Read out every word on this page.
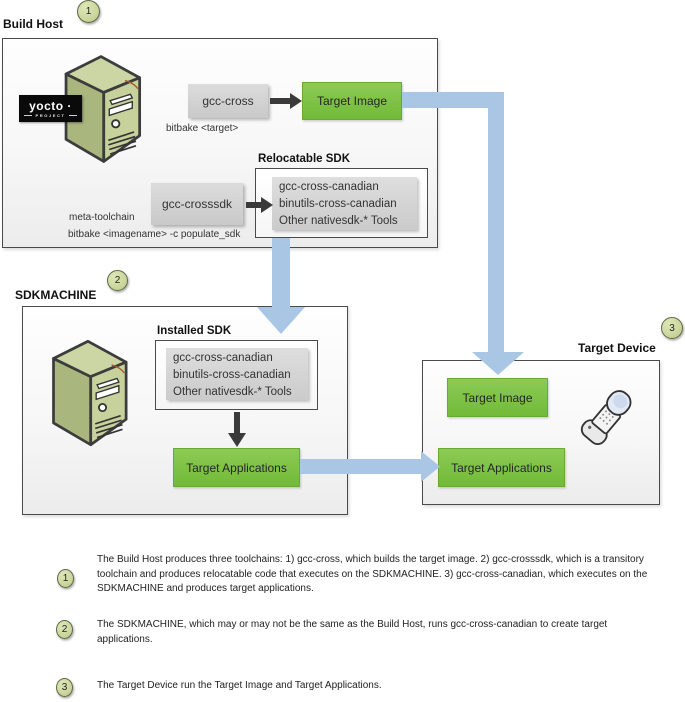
1
2
3
Build Host
yocto ·
PROJECT
gcc-cross	Target Image
bitbake <target>
Relocatable SDK
gcc-cross-canadian
binutils-cross-canadian
Other nativesdk-* Tools
gcc-crosssdk
meta-toolchain
bitbake <imagename> -c populate_sdk
SDKMACHINE
Installed SDK
gcc-cross-canadian
binutils-cross-canadian
Other nativesdk-* Tools
Target Applications
Target Device
Target Image
Target Applications
1
The Build Host produces three toolchains: 1) gcc-cross, which builds the target image. 2) gcc-crosssdk, which is a transitory toolchain and produces relocatable code that executes on the SDKMACHINE. 3) gcc-cross-canadian, which executes on the SDKMACHINE and produces target applications.
2	The SDKMACHINE, which may or may not be the same as the Build Host, runs gcc-cross-canadian to create target applications.
3	The Target Device run the Target Image and Target Applications.
